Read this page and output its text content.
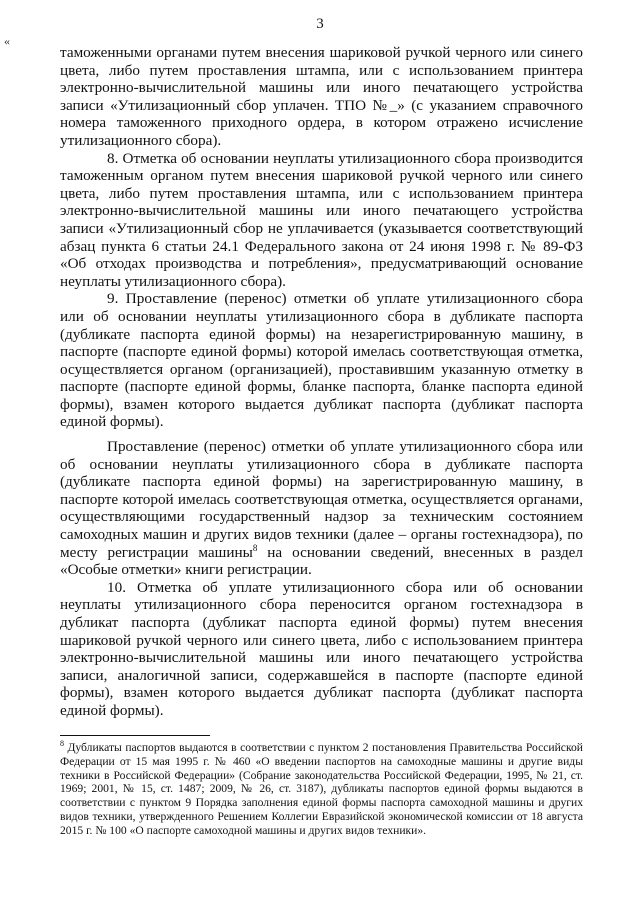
3
«

таможенными органами путем внесения шариковой ручкой черного или синего цвета, либо путем проставления штампа, или с использованием принтера электронно-вычислительной машины или иного печатающего устройства записи «Утилизационный сбор уплачен. ТПО №_» (с указанием справочного номера таможенного приходного ордера, в котором отражено исчисление утилизационного сбора).

8. Отметка об основании неуплаты утилизационного сбора производится таможенным органом путем внесения шариковой ручкой черного или синего цвета, либо путем проставления штампа, или с использованием принтера электронно-вычислительной машины или иного печатающего устройства записи «Утилизационный сбор не уплачивается (указывается соответствующий абзац пункта 6 статьи 24.1 Федерального закона от 24 июня 1998 г. № 89-ФЗ «Об отходах производства и потребления», предусматривающий основание неуплаты утилизационного сбора).

9. Проставление (перенос) отметки об уплате утилизационного сбора или об основании неуплаты утилизационного сбора в дубликате паспорта (дубликате паспорта единой формы) на незарегистрированную машину, в паспорте (паспорте единой формы) которой имелась соответствующая отметка, осуществляется органом (организацией), проставившим указанную отметку в паспорте (паспорте единой формы, бланке паспорта, бланке паспорта единой формы), взамен которого выдается дубликат паспорта (дубликат паспорта единой формы).

Проставление (перенос) отметки об уплате утилизационного сбора или об основании неуплаты утилизационного сбора в дубликате паспорта (дубликате паспорта единой формы) на зарегистрированную машину, в паспорте которой имелась соответствующая отметка, осуществляется органами, осуществляющими государственный надзор за техническим состоянием самоходных машин и других видов техники (далее – органы гостехнадзора), по месту регистрации машины$^8$ на основании сведений, внесенных в раздел «Особые отметки» книги регистрации.

10. Отметка об уплате утилизационного сбора или об основании неуплаты утилизационного сбора переносится органом гостехнадзора в дубликат паспорта (дубликат паспорта единой формы) путем внесения шариковой ручкой черного или синего цвета, либо с использованием принтера электронно-вычислительной машины или иного печатающего устройства записи, аналогичной записи, содержавшейся в паспорте (паспорте единой формы), взамен которого выдается дубликат паспорта (дубликат паспорта единой формы).

$^8$ Дубликаты паспортов выдаются в соответствии с пунктом 2 постановления Правительства Российской Федерации от 15 мая 1995 г. № 460 «О введении паспортов на самоходные машины и другие виды техники в Российской Федерации» (Собрание законодательства Российской Федерации, 1995, № 21, ст. 1969; 2001, № 15, ст. 1487; 2009, № 26, ст. 3187), дубликаты паспортов единой формы выдаются в соответствии с пунктом 9 Порядка заполнения единой формы паспорта самоходной машины и других видов техники, утвержденного Решением Коллегии Евразийской экономической комиссии от 18 августа 2015 г. № 100 «О паспорте самоходной машины и других видов техники».
